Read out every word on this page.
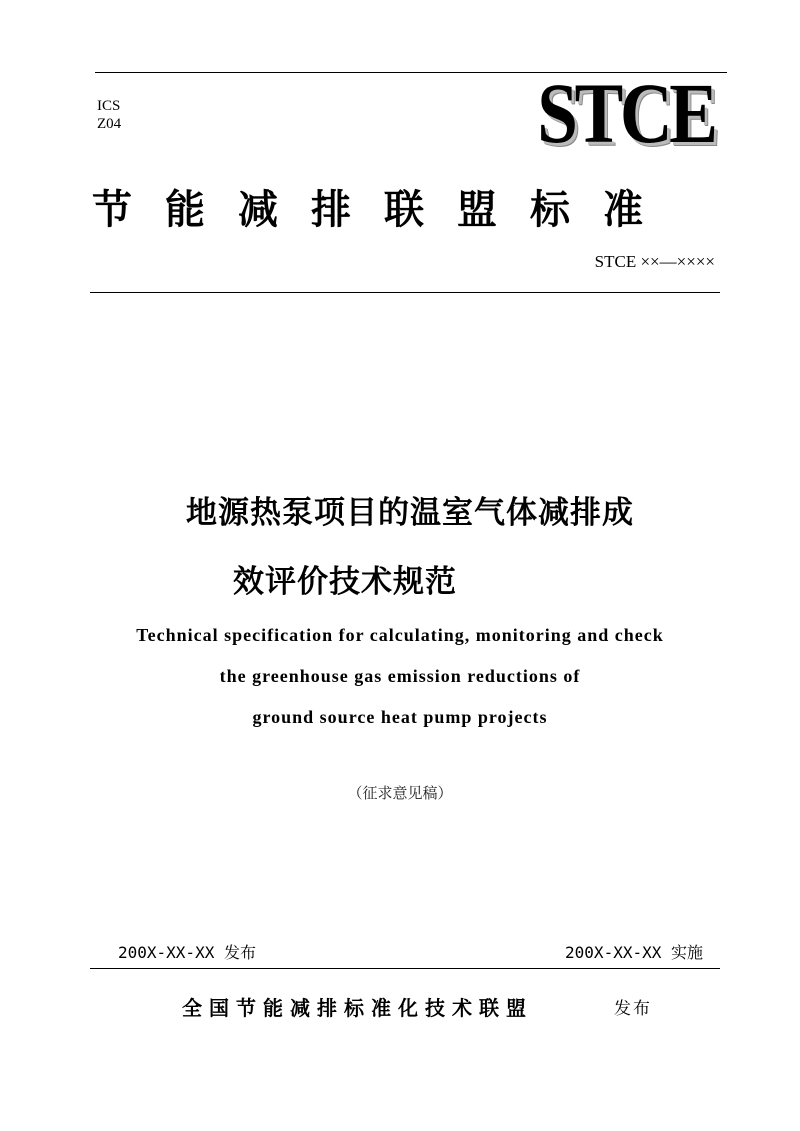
ICS
Z04	STCE
节能减排联盟标准
STCE ××—××××
地源热泵项目的温室气体减排成
效评价技术规范
Technical specification for calculating, monitoring and check
the greenhouse gas emission reductions of
ground source heat pump projects
（征求意见稿）
200X-XX-XX 发布	200X-XX-XX 实施
全国节能减排标准化技术联盟	发布
